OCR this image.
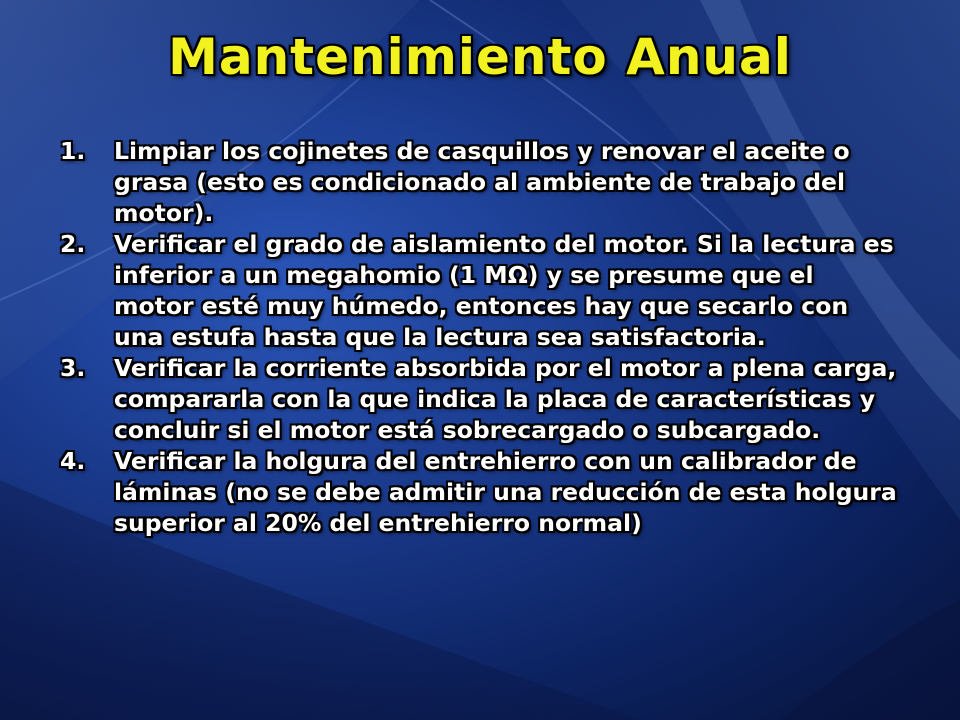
Mantenimiento Anual
1.	Limpiar los cojinetes de casquillos y renovar el aceite o grasa (esto es condicionado al ambiente de trabajo del motor).
2.	Verificar el grado de aislamiento del motor. Si la lectura es inferior a un megahomio (1 MΩ) y se presume que el motor esté muy húmedo, entonces hay que secarlo con una estufa hasta que la lectura sea satisfactoria.
3.	Verificar la corriente absorbida por el motor a plena carga, compararla con la que indica la placa de características y concluir si el motor está sobrecargado o subcargado.
4.	Verificar la holgura del entrehierro con un calibrador de láminas (no se debe admitir una reducción de esta holgura superior al 20% del entrehierro normal)
